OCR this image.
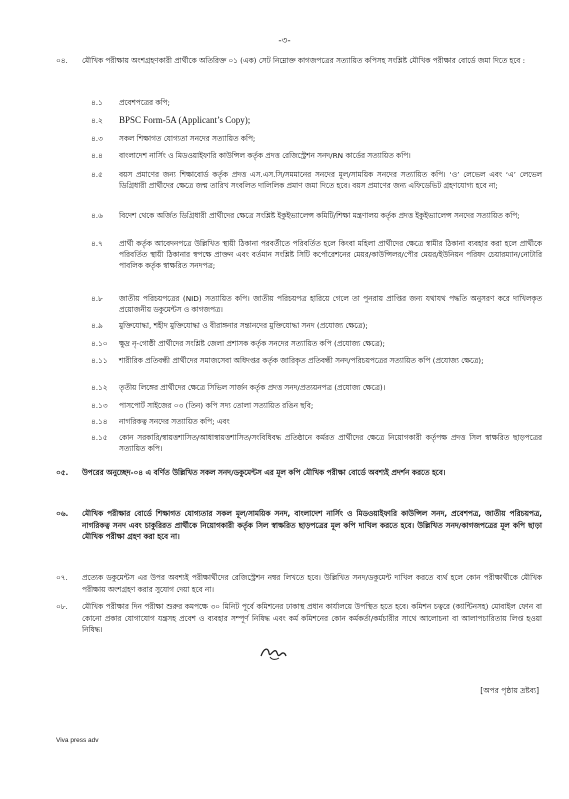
-৩-
০৪.	মৌখিক পরীক্ষায় অংশগ্রহণকারী প্রার্থীকে অতিরিক্ত ০১ (এক) সেট নিম্নোক্ত কাগজপত্রের সত্যায়িত কপিসহ সংশ্লিষ্ট মৌখিক পরীক্ষার বোর্ডে জমা দিতে হবে :
৪.১	প্রবেশপত্রের কপি;
৪.২	BPSC Form-5A (Applicant’s Copy);
৪.৩	সকল শিক্ষাগত যোগ্যতা সনদের সত্যায়িত কপি;
৪.৪	বাংলাদেশ নার্সিং ও মিডওয়াইফারি কাউন্সিল কর্তৃক প্রদত্ত রেজিস্ট্রেশন সনদ/RN কার্ডের সত্যায়িত কপি।
৪.৫	বয়স প্রমাণের জন্য শিক্ষাবোর্ড কর্তৃক প্রদত্ত এস.এস.সি/সমমানের সনদের মূল/সাময়িক সনদের সত্যায়িত কপি। ‘ও’ লেভেল এবং ‘এ’ লেভেল ডিগ্রিধারী প্রার্থীদের ক্ষেত্রে জন্ম তারিখ সংবলিত দালিলিক প্রমাণ জমা দিতে হবে। বয়স প্রমাণের জন্য এফিডেভিট গ্রহণযোগ্য হবে না;
৪.৬	বিদেশ থেকে অর্জিত ডিগ্রিধারী প্রার্থীদের ক্ষেত্রে সংশ্লিষ্ট ইকুইভ্যালেন্স কমিটি/শিক্ষা মন্ত্রণালয় কর্তৃক প্রদত্ত ইকুইভ্যালেন্স সনদের সত্যায়িত কপি;
৪.৭	প্রার্থী কর্তৃক আবেদনপত্রে উল্লিখিত স্থায়ী ঠিকানা পরবর্তীতে পরিবর্তিত হলে কিংবা মহিলা প্রার্থীদের ক্ষেত্রে স্বামীর ঠিকানা ব্যবহার করা হলে প্রার্থীকে পরিবর্তিত স্থায়ী ঠিকানার স্বপক্ষে প্রাক্তন এবং বর্তমান সংশ্লিষ্ট সিটি কর্পোরেশনের মেয়র/কাউন্সিলর/পৌর মেয়র/ইউনিয়ন পরিষদ চেয়ারম্যান/নোটারি পাবলিক কর্তৃক স্বাক্ষরিত সনদপত্র;
৪.৮	জাতীয় পরিচয়পত্রের (NID) সত্যায়িত কপি। জাতীয় পরিচয়পত্র হারিয়ে গেলে তা পুনরায় প্রাপ্তির জন্য যথাযথ পদ্ধতি অনুসরণ করে দাখিলকৃত প্রয়োজনীয় ডকুমেন্টস ও কাগজপত্র।
৪.৯	মুক্তিযোদ্ধা, শহীদ মুক্তিযোদ্ধা ও বীরাঙ্গনার সন্তানদের মুক্তিযোদ্ধা সনদ (প্রযোজ্য ক্ষেত্রে);
৪.১০	ক্ষুদ্র নৃ-গোষ্ঠী প্রার্থীদের সংশ্লিষ্ট জেলা প্রশাসক কর্তৃক সনদের সত্যায়িত কপি (প্রযোজ্য ক্ষেত্রে);
৪.১১	শারীরিক প্রতিবন্ধী প্রার্থীদের সমাজসেবা অধিদপ্তর কর্তৃক জারিকৃত প্রতিবন্ধী সনদ/পরিচয়পত্রের সত্যায়িত কপি (প্রযোজ্য ক্ষেত্রে);
৪.১২	তৃতীয় লিঙ্গের প্রার্থীদের ক্ষেত্রে সিভিল সার্জন কর্তৃক প্রদত্ত সনদ/প্রত্যয়নপত্র (প্রযোজ্য ক্ষেত্রে)।
৪.১৩	পাসপোর্ট সাইজের ০৩ (তিন) কপি সদ্য তোলা সত্যায়িত রঙিন ছবি;
৪.১৪	নাগরিকত্ব সনদের সত্যায়িত কপি; এবং
৪.১৫	কোন সরকারি/স্বায়ত্তশাসিত/আধাস্বায়ত্তশাসিত/সংবিধিবদ্ধ প্রতিষ্ঠানে কর্মরত প্রার্থীদের ক্ষেত্রে নিয়োগকারী কর্তৃপক্ষ প্রদত্ত সিল স্বাক্ষরিত ছাড়পত্রের সত্যায়িত কপি।
০৫.	উপরের অনুচ্ছেদ-০৪ এ বর্ণিত উল্লিখিত সকল সনদ/ডকুমেন্টস এর মূল কপি মৌখিক পরীক্ষা বোর্ডে অবশ্যই প্রদর্শন করতে হবে।
০৬.	মৌখিক পরীক্ষার বোর্ডে শিক্ষাগত যোগ্যতার সকল মূল/সাময়িক সনদ, বাংলাদেশ নার্সিং ও মিডওয়াইফারি কাউন্সিল সনদ, প্রবেশপত্র, জাতীয় পরিচয়পত্র, নাগরিকত্ব সনদ এবং চাকুরিরত প্রার্থীকে নিয়োগকারী কর্তৃক সিল স্বাক্ষরিত ছাড়পত্রের মূল কপি দাখিল করতে হবে। উল্লিখিত সনদ/কাগজপত্রের মূল কপি ছাড়া মৌখিক পরীক্ষা গ্রহণ করা হবে না।
০৭.	প্রত্যেক ডকুমেন্টস এর উপর অবশ্যই পরীক্ষার্থীদের রেজিস্ট্রেশন নম্বর লিখতে হবে। উল্লিখিত সনদ/ডকুমেন্ট দাখিল করতে ব্যর্থ হলে কোন পরীক্ষার্থীকে মৌখিক পরীক্ষায় অংশগ্রহণ করার সুযোগ দেয়া হবে না।
০৮.	মৌখিক পরীক্ষার দিন পরীক্ষা শুরুর কমপক্ষে ৩০ মিনিট পূর্বে কমিশনের ঢাকাস্থ প্রধান কার্যালয়ে উপস্থিত হতে হবে। কমিশন চত্বরে (ক্যান্টিনসহ) মোবাইল ফোন বা কোনো প্রকার যোগাযোগ যন্ত্রসহ প্রবেশ ও ব্যবহার সম্পূর্ণ নিষিদ্ধ এবং কর্ম কমিশনের কোন কর্মকর্তা/কর্মচারীর সাথে আলোচনা বা আলাপচারিতায় লিপ্ত হওয়া নিষিদ্ধ।
[অপর পৃষ্ঠায় দ্রষ্টব্য]
Viva press adv
